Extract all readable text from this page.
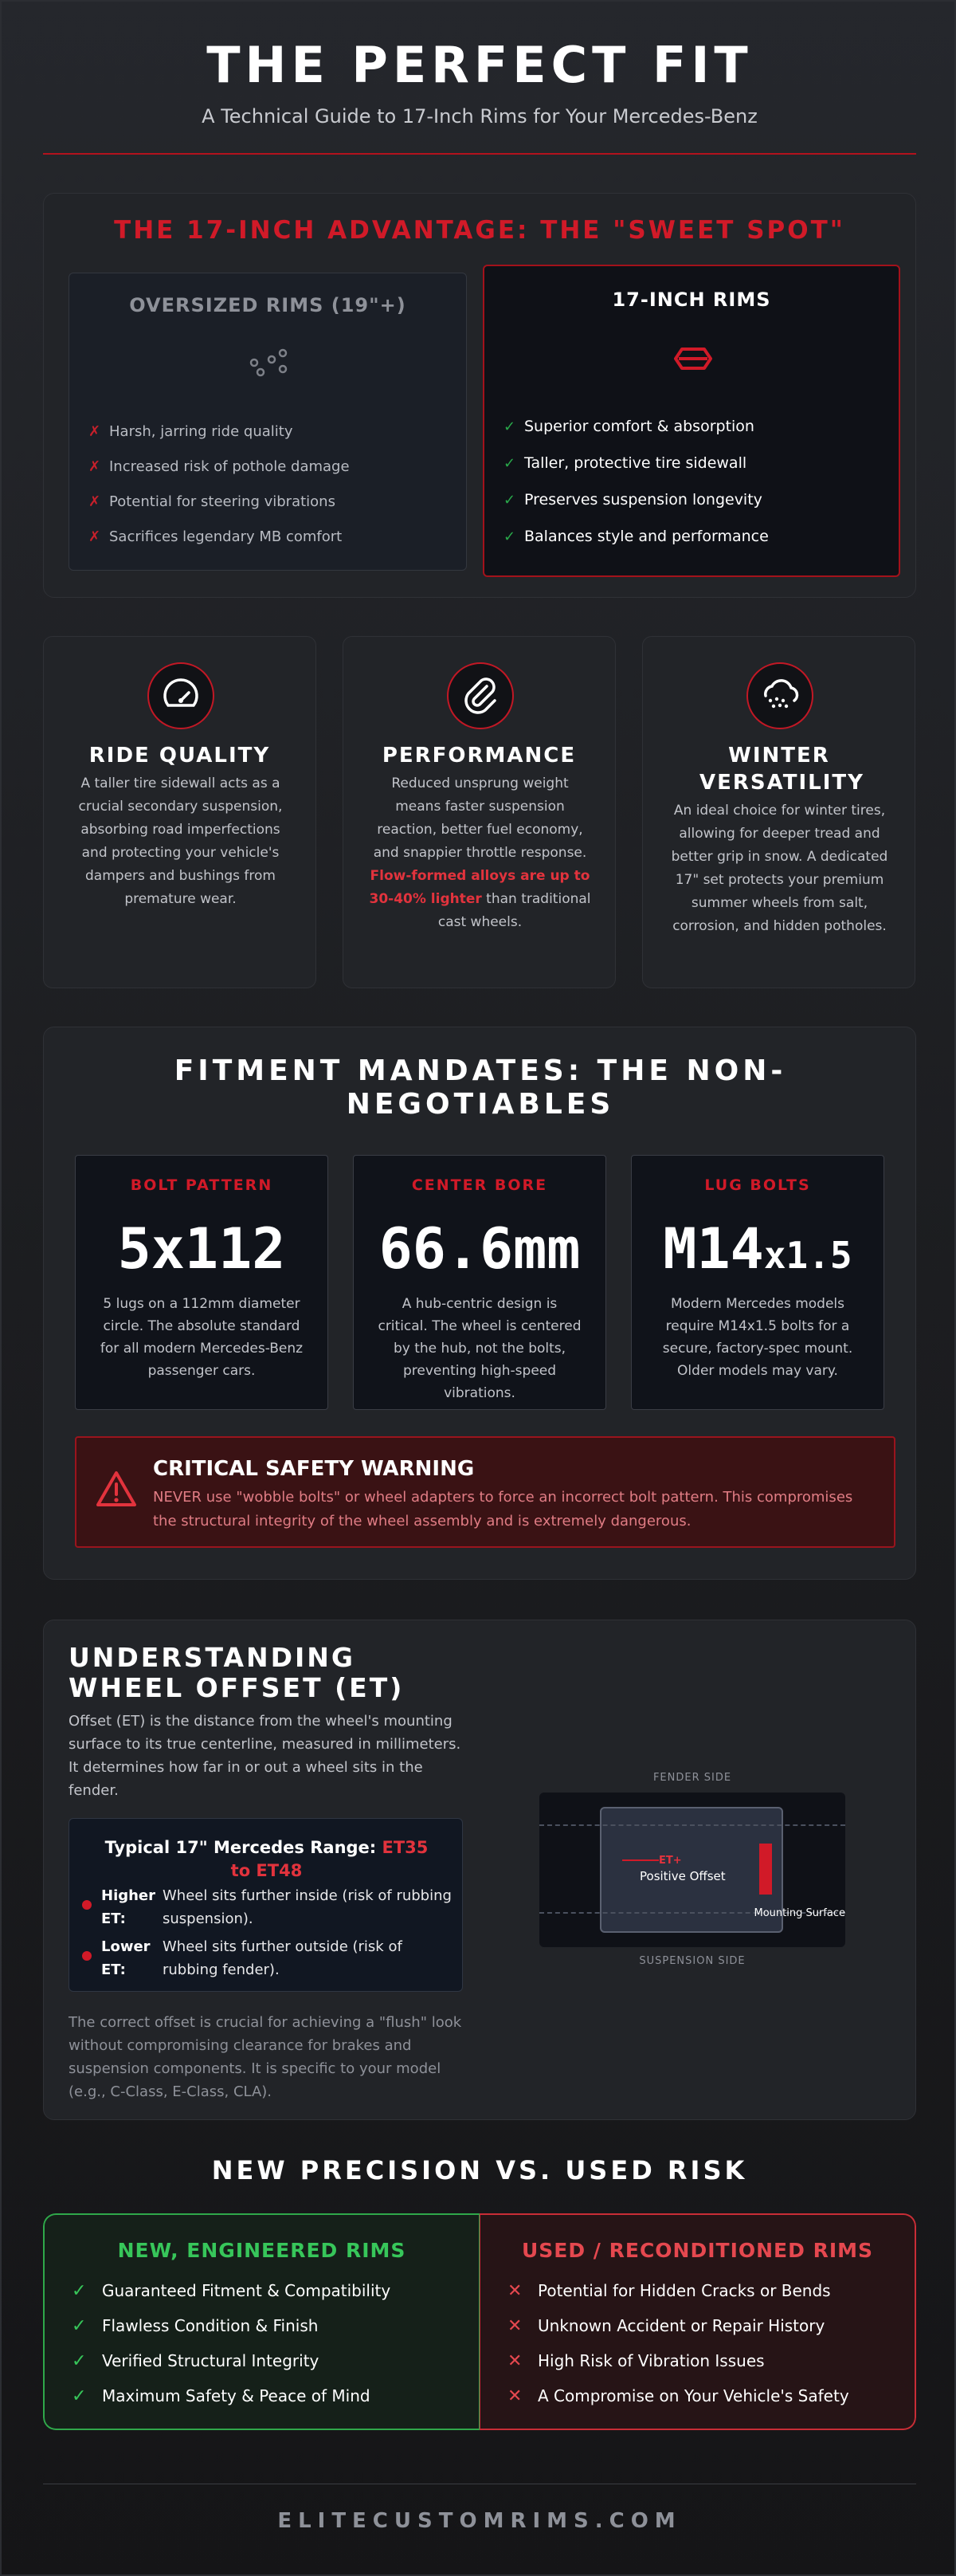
THE PERFECT FIT

A Technical Guide to 17-Inch Rims for Your Mercedes-Benz

THE 17-INCH ADVANTAGE: THE "SWEET SPOT"
OVERSIZED RIMS (19"+)
✗ Harsh, jarring ride quality
✗ Increased risk of pothole damage
✗ Potential for steering vibrations
✗ Sacrifices legendary MB comfort
17-INCH RIMS
✓ Superior comfort & absorption
✓ Taller, protective tire sidewall
✓ Preserves suspension longevity
✓ Balances style and performance
RIDE QUALITY

A taller tire sidewall acts as a crucial secondary suspension, absorbing road imperfections and protecting your vehicle's dampers and bushings from premature wear.

PERFORMANCE

Reduced unsprung weight means faster suspension reaction, better fuel economy, and snappier throttle response. Flow-formed alloys are up to 30-40% lighter than traditional cast wheels.

WINTER VERSATILITY

An ideal choice for winter tires, allowing for deeper tread and better grip in snow. A dedicated 17" set protects your premium summer wheels from salt, corrosion, and hidden potholes.

FITMENT MANDATES: THE NON-NEGOTIABLES
BOLT PATTERN
5x112
5 lugs on a 112mm diameter circle. The absolute standard for all modern Mercedes-Benz passenger cars.
CENTER BORE
66.6mm
A hub-centric design is critical. The wheel is centered by the hub, not the bolts, preventing high-speed vibrations.
LUG BOLTS
M14x1.5
Modern Mercedes models require M14x1.5 bolts for a secure, factory-spec mount. Older models may vary.
CRITICAL SAFETY WARNING

NEVER use "wobble bolts" or wheel adapters to force an incorrect bolt pattern. This compromises the structural integrity of the wheel assembly and is extremely dangerous.

UNDERSTANDING WHEEL OFFSET (ET)
Offset (ET) is the distance from the wheel's mounting surface to its true centerline, measured in millimeters. It determines how far in or out a wheel sits in the fender.
Typical 17" Mercedes Range: ET35 to ET48
Higher ET:
Wheel sits further inside (risk of rubbing suspension).
Lower ET:
Wheel sits further outside (risk of rubbing fender).
The correct offset is crucial for achieving a "flush" look without compromising clearance for brakes and suspension components. It is specific to your model (e.g., C-Class, E-Class, CLA).
FENDER SIDE
ET+
Positive Offset
Mounting Surface
SUSPENSION SIDE
NEW PRECISION VS. USED RISK
NEW, ENGINEERED RIMS
✓ Guaranteed Fitment & Compatibility
✓ Flawless Condition & Finish
✓ Verified Structural Integrity
✓ Maximum Safety & Peace of Mind
USED / RECONDITIONED RIMS
✕ Potential for Hidden Cracks or Bends
✕ Unknown Accident or Repair History
✕ High Risk of Vibration Issues
✕ A Compromise on Your Vehicle's Safety
ELITECUSTOMRIMS.COM
